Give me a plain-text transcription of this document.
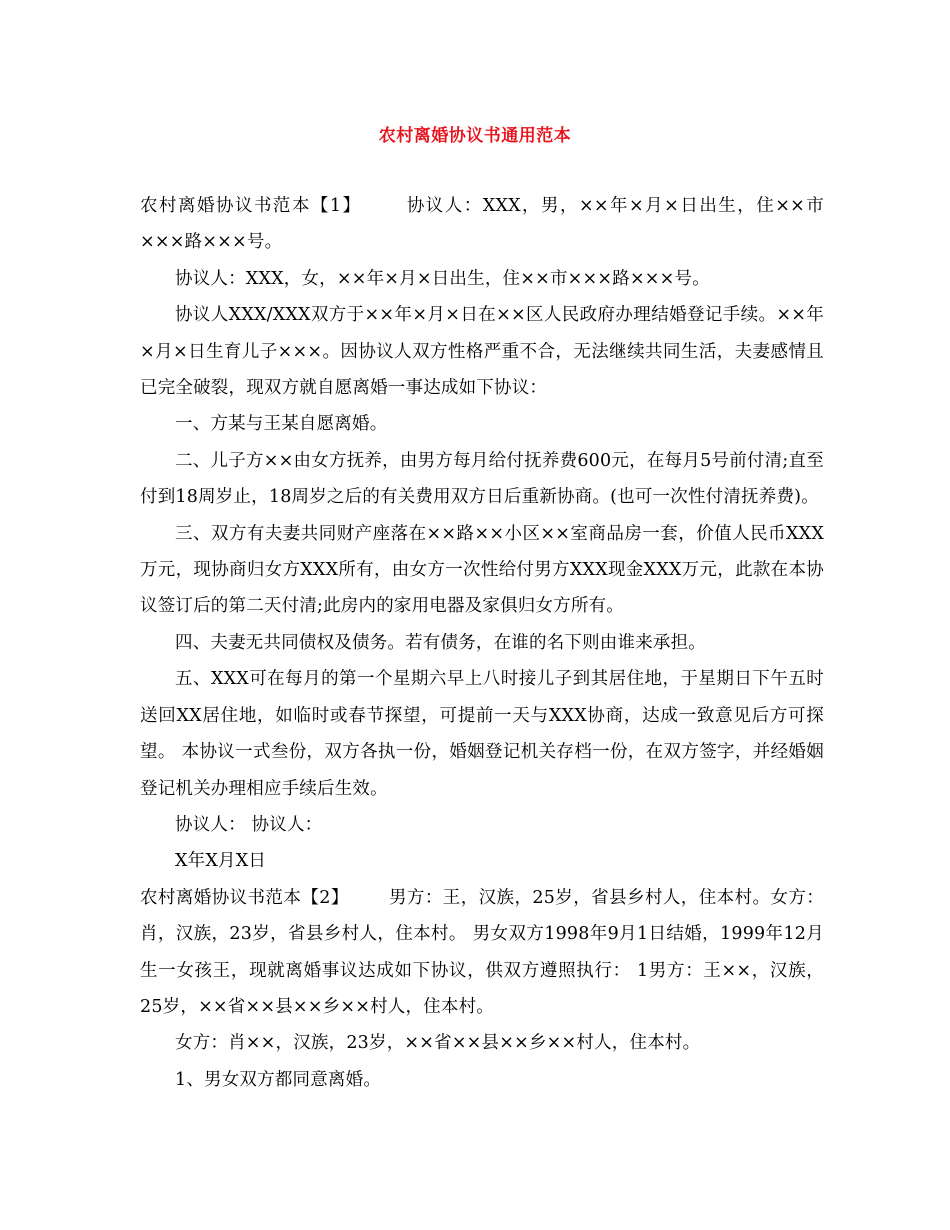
农村离婚协议书通用范本

农村离婚协议书范本【1】	协议人：XXX，男，××年×月×日出生，住××市×××路×××号。

协议人：XXX，女，××年×月×日出生，住××市×××路×××号。

协议人XXX/XXX双方于××年×月×日在××区人民政府办理结婚登记手续。××年×月×日生育儿子×××。因协议人双方性格严重不合，无法继续共同生活，夫妻感情且已完全破裂，现双方就自愿离婚一事达成如下协议：

一、方某与王某自愿离婚。

二、儿子方××由女方抚养，由男方每月给付抚养费600元，在每月5号前付清;直至付到18周岁止，18周岁之后的有关费用双方日后重新协商。(也可一次性付清抚养费)。

三、双方有夫妻共同财产座落在××路××小区××室商品房一套，价值人民币XXX万元，现协商归女方XXX所有，由女方一次性给付男方XXX现金XXX万元，此款在本协议签订后的第二天付清;此房内的家用电器及家俱归女方所有。

四、夫妻无共同债权及债务。若有债务，在谁的名下则由谁来承担。

五、XXX可在每月的第一个星期六早上八时接儿子到其居住地，于星期日下午五时送回XX居住地，如临时或春节探望，可提前一天与XXX协商，达成一致意见后方可探望。 本协议一式叁份，双方各执一份，婚姻登记机关存档一份，在双方签字，并经婚姻登记机关办理相应手续后生效。

协议人： 协议人：

X年X月X日

农村离婚协议书范本【2】 男方：王，汉族，25岁，省县乡村人，住本村。女方：肖，汉族，23岁，省县乡村人，住本村。 男女双方1998年9月1日结婚，1999年12月生一女孩王，现就离婚事议达成如下协议，供双方遵照执行： 1男方：王××，汉族，25岁，××省××县××乡××村人，住本村。

女方：肖××，汉族，23岁，××省××县××乡××村人，住本村。

1、男女双方都同意离婚。
